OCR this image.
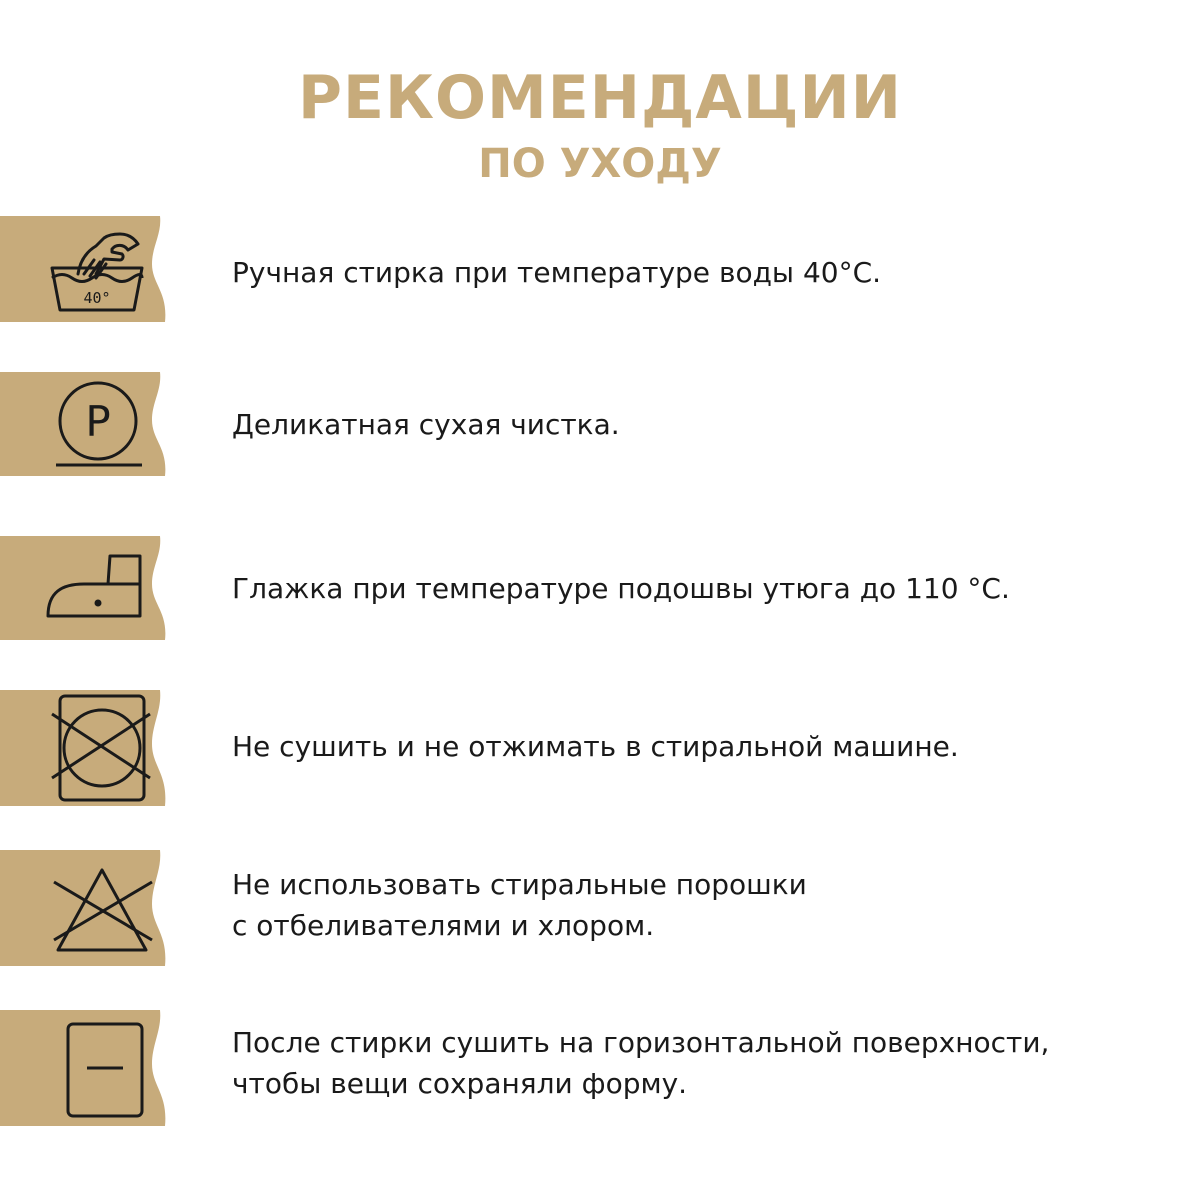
РЕКОМЕНДАЦИИ
ПО УХОДУ
40°
Ручная стирка при температуре воды 40°C.
P	Деликатная сухая чистка.
Глажка при температуре подошвы утюга до 110 °C.
Не сушить и не отжимать в стиральной машине.
Не использовать стиральные порошки
с отбеливателями и хлором.
После стирки сушить на горизонтальной поверхности,
чтобы вещи сохраняли форму.
